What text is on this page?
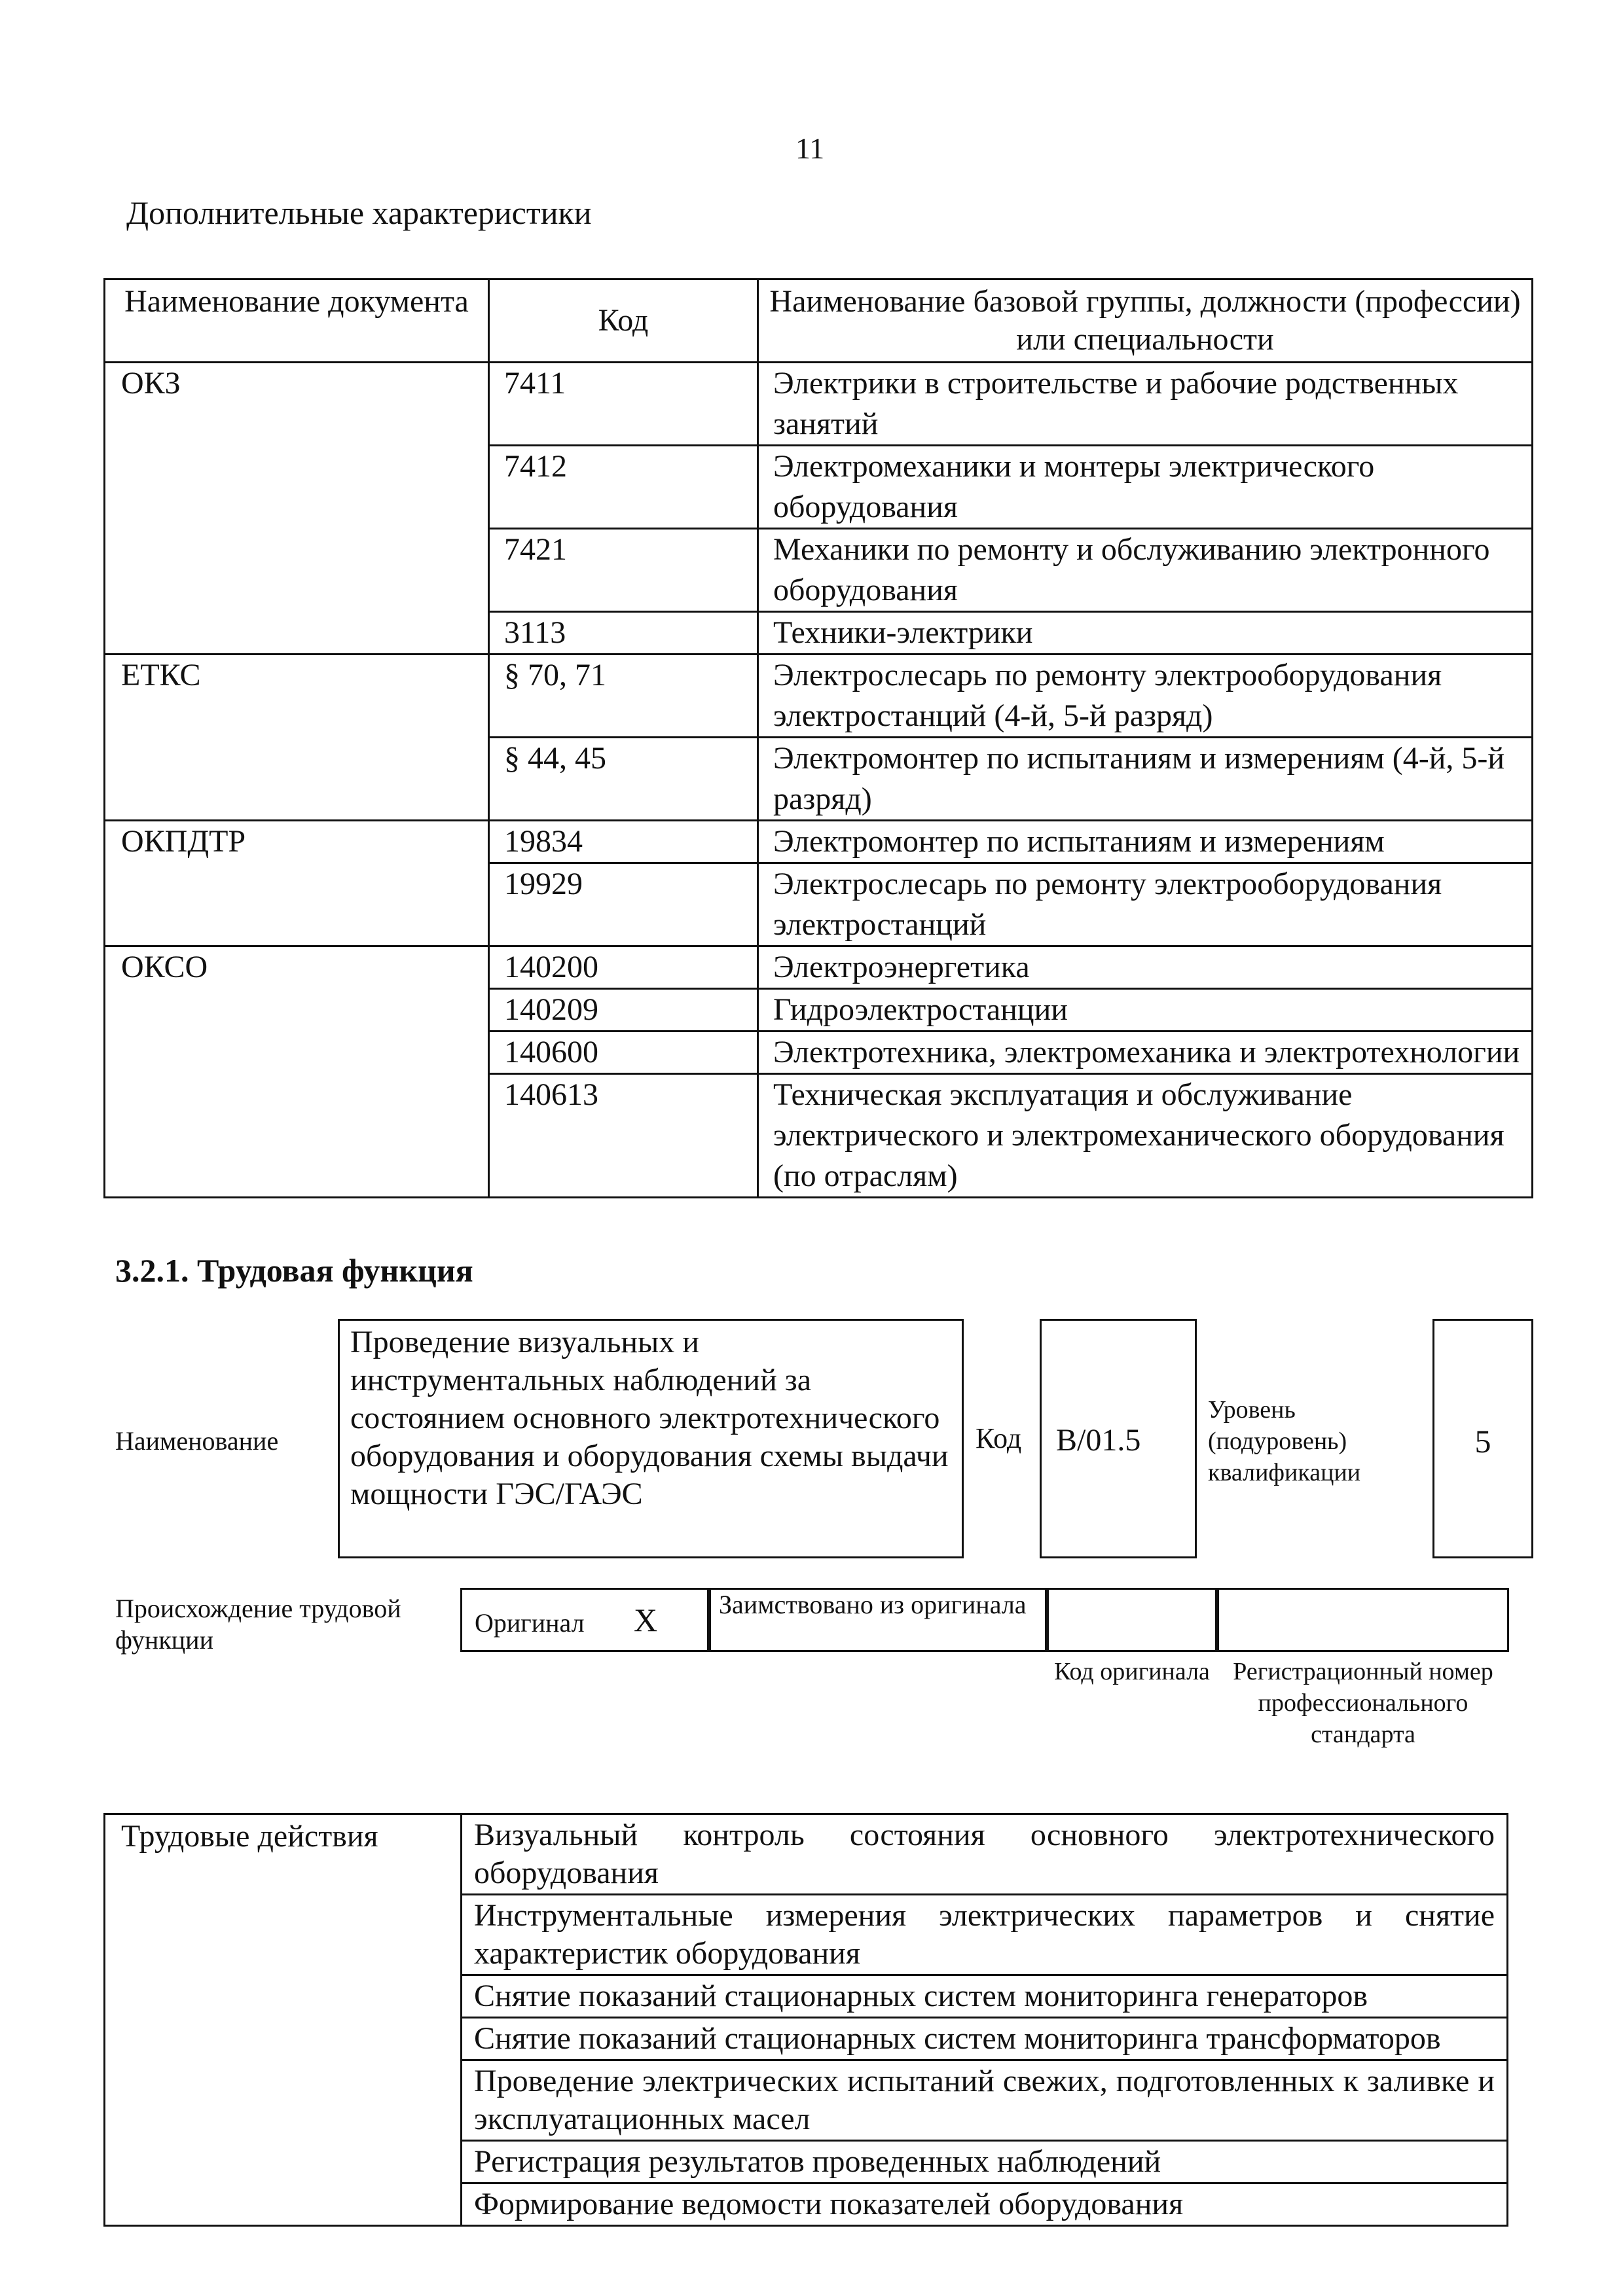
11
Дополнительные характеристики
Наименование документа	Код	Наименование базовой группы, должности (профессии) или специальности
ОКЗ	7411	Электрики в строительстве и рабочие родственных занятий
	7412	Электромеханики и монтеры электрического оборудования
	7421	Механики по ремонту и обслуживанию электронного оборудования
	3113	Техники-электрики
ЕТКС	§ 70, 71	Электрослесарь по ремонту электрооборудования электростанций (4-й, 5-й разряд)
	§ 44, 45	Электромонтер по испытаниям и измерениям (4-й, 5-й разряд)
ОКПДТР	19834	Электромонтер по испытаниям и измерениям
	19929	Электрослесарь по ремонту электрооборудования электростанций
ОКСО	140200	Электроэнергетика
	140209	Гидроэлектростанции
	140600	Электротехника, электромеханика и электротехнологии
	140613	Техническая эксплуатация и обслуживание электрического и электромеханического оборудования (по отраслям)
3.2.1. Трудовая функция
Наименование
Проведение визуальных и инструментальных наблюдений за состоянием основного электротехнического оборудования и оборудования схемы выдачи мощности ГЭС/ГАЭС
Код В/01.5
Уровень (подуровень) квалификации
5
Происхождение трудовой функции
Оригинал X Заимствовано из оригинала
Код оригинала Регистрационный номер профессионального стандарта
Трудовые действия	Визуальный контроль состояния основного электротехнического оборудования
Инструментальные измерения электрических параметров и снятие характеристик оборудования
Снятие показаний стационарных систем мониторинга генераторов
Снятие показаний стационарных систем мониторинга трансформаторов
Проведение электрических испытаний свежих, подготовленных к заливке и эксплуатационных масел
Регистрация результатов проведенных наблюдений
Формирование ведомости показателей оборудования
